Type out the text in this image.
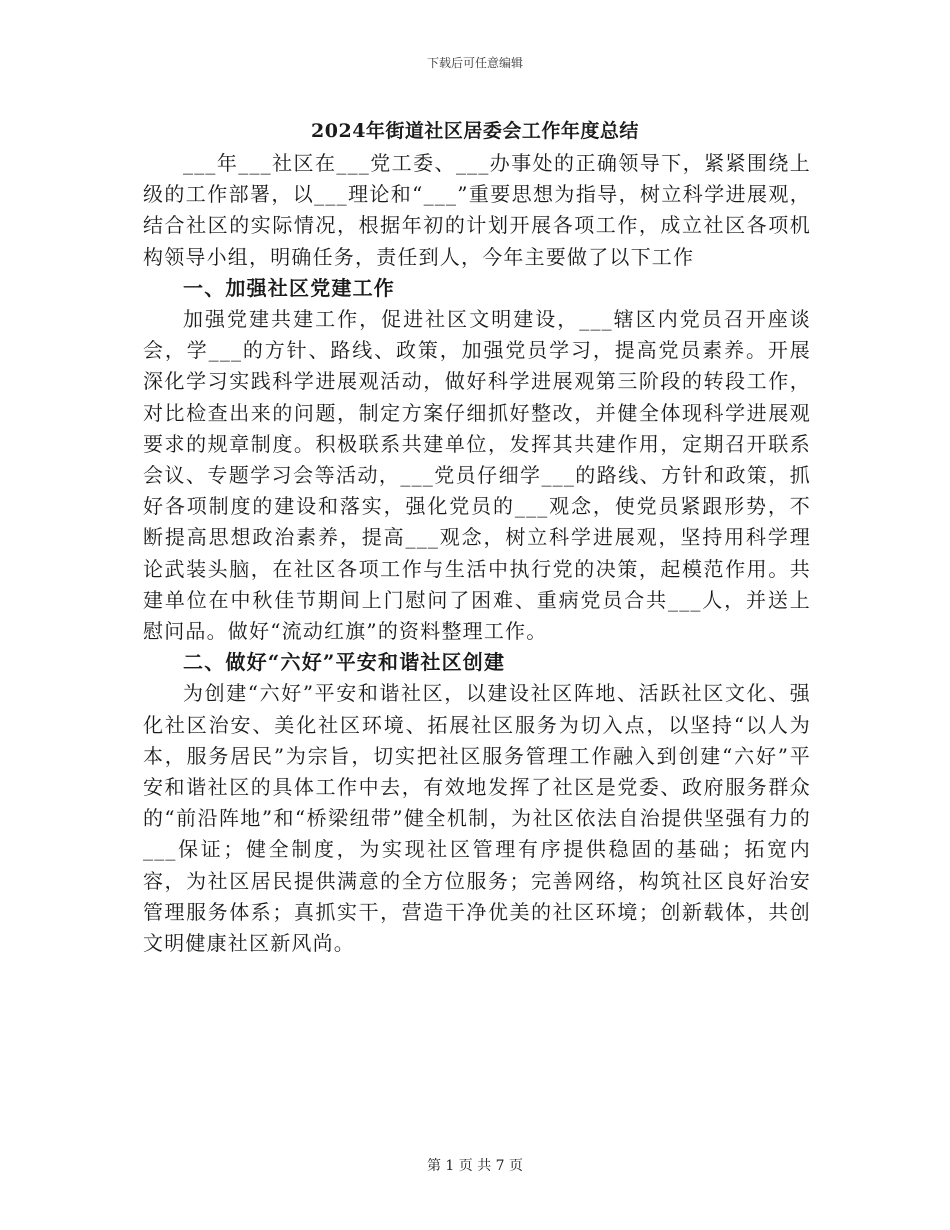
下载后可任意编辑
2024年街道社区居委会工作年度总结

___年___社区在___党工委、___办事处的正确领导下，紧紧围绕上级的工作部署，以___理论和“___”重要思想为指导，树立科学进展观，结合社区的实际情况，根据年初的计划开展各项工作，成立社区各项机构领导小组，明确任务，责任到人，今年主要做了以下工作

一、加强社区党建工作

加强党建共建工作，促进社区文明建设，___辖区内党员召开座谈会，学___的方针、路线、政策，加强党员学习，提高党员素养。开展深化学习实践科学进展观活动，做好科学进展观第三阶段的转段工作，对比检查出来的问题，制定方案仔细抓好整改，并健全体现科学进展观要求的规章制度。积极联系共建单位，发挥其共建作用，定期召开联系会议、专题学习会等活动，___党员仔细学___的路线、方针和政策，抓好各项制度的建设和落实，强化党员的___观念，使党员紧跟形势，不断提高思想政治素养，提高___观念，树立科学进展观，坚持用科学理论武装头脑，在社区各项工作与生活中执行党的决策，起模范作用。共建单位在中秋佳节期间上门慰问了困难、重病党员合共___人，并送上慰问品。做好“流动红旗”的资料整理工作。

二、做好“六好”平安和谐社区创建

为创建“六好”平安和谐社区，以建设社区阵地、活跃社区文化、强化社区治安、美化社区环境、拓展社区服务为切入点，以坚持“以人为本，服务居民”为宗旨，切实把社区服务管理工作融入到创建“六好”平安和谐社区的具体工作中去，有效地发挥了社区是党委、政府服务群众的“前沿阵地”和“桥梁纽带”健全机制，为社区依法自治提供坚强有力的___保证；健全制度，为实现社区管理有序提供稳固的基础；拓宽内容，为社区居民提供满意的全方位服务；完善网络，构筑社区良好治安管理服务体系；真抓实干，营造干净优美的社区环境；创新载体，共创文明健康社区新风尚。

第 1 页 共 7 页
